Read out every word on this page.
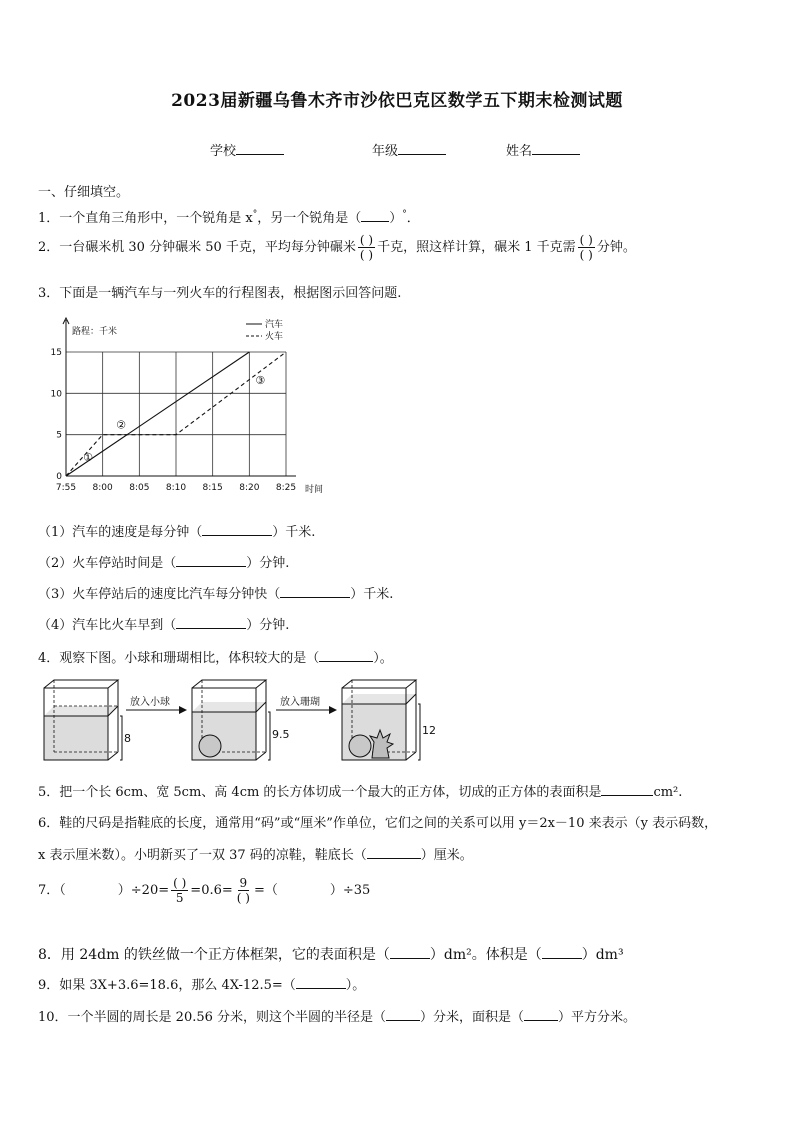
2023届新疆乌鲁木齐市沙依巴克区数学五下期末检测试题
学校	年级	姓名
一、仔细填空。
1．一个直角三角形中，一个锐角是 x°，另一个锐角是（ ）°．
2．一台碾米机 30 分钟碾米 50 千克，平均每分钟碾米 $\frac{( )}{( )}$ 千克，照这样计算，碾米 1 千克需 $\frac{( )}{( )}$ 分钟。
3．下面是一辆汽车与一列火车的行程图表，根据图示回答问题.
7:55 8:00 8:05 8:10 8:15 8:20 8:25
0
5
10
15
路程：千米
时间
汽车
火车
①
②
③
（1）汽车的速度是每分钟（	）千米.
（2）火车停站时间是（	）分钟.
（3）火车停站后的速度比汽车每分钟快（	）千米.
（4）汽车比火车早到（	）分钟.
4．观察下图。小球和珊瑚相比，体积较大的是（	）。
8
放入小球
9.5
放入珊瑚
12
5．把一个长 6cm、宽 5cm、高 4cm 的长方体切成一个最大的正方体，切成的正方体的表面积是	cm².
6．鞋的尺码是指鞋底的长度，通常用“码”或“厘米”作单位，它们之间的关系可以用 y＝2x－10 来表示（y 表示码数，
x 表示厘米数）。小明新买了一双 37 码的凉鞋，鞋底长（	）厘米。
7．（	）$\div 20= \frac{( )}{5} =0.6= \frac{9}{( )}$ =（	）÷35
8．用 24dm 的铁丝做一个正方体框架，它的表面积是（	）dm²。体积是（	）dm³
9．如果 3X+3.6=18.6，那么 4X-12.5=（	）。
10．一个半圆的周长是 20.56 分米，则这个半圆的半径是（	）分米，面积是（	）平方分米。
